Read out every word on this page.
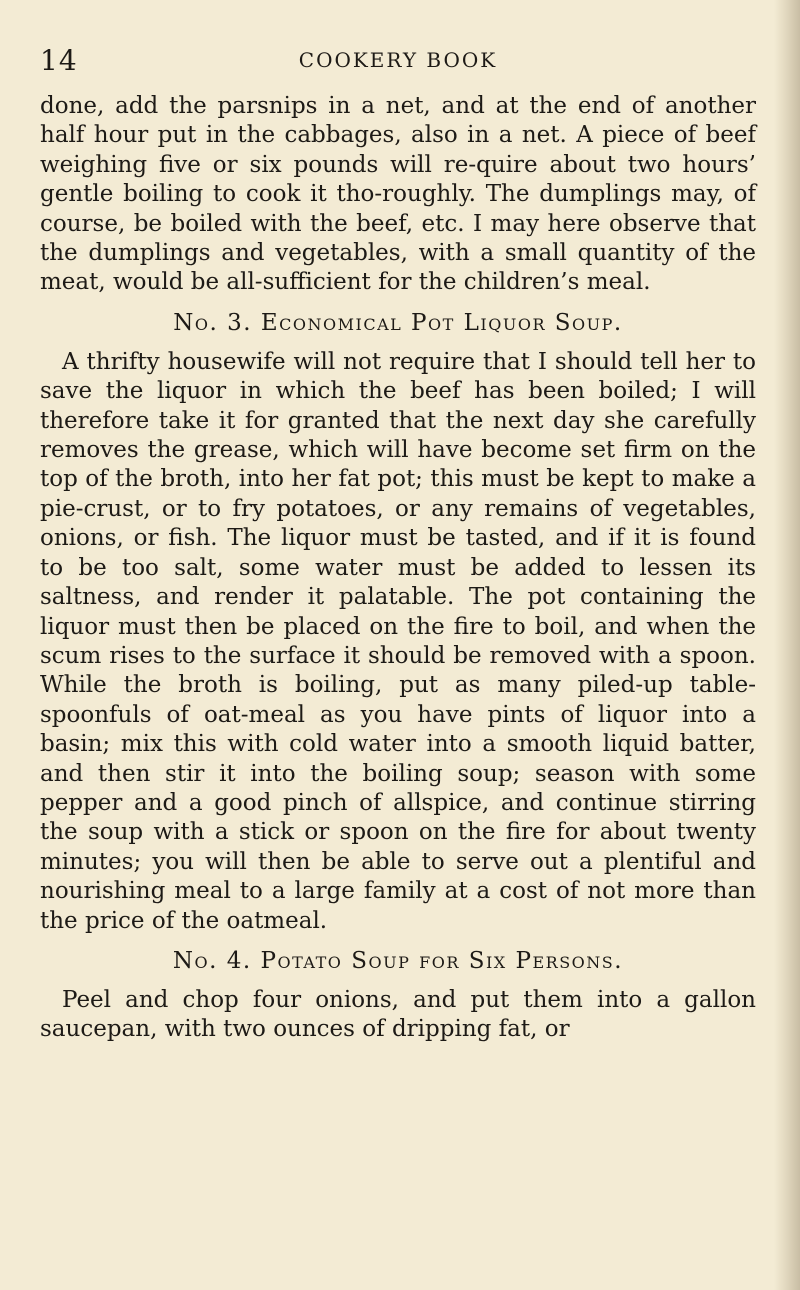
14	COOKERY BOOK

done, add the parsnips in a net, and at the end of another half hour put in the cabbages, also in a net. A piece of beef weighing five or six pounds will re-quire about two hours’ gentle boiling to cook it tho-roughly. The dumplings may, of course, be boiled with the beef, etc. I may here observe that the dumplings and vegetables, with a small quantity of the meat, would be all-sufficient for the children’s meal.

No. 3. Economical Pot Liquor Soup.

A thrifty housewife will not require that I should tell her to save the liquor in which the beef has been boiled; I will therefore take it for granted that the next day she carefully removes the grease, which will have become set firm on the top of the broth, into her fat pot; this must be kept to make a pie-crust, or to fry potatoes, or any remains of vegetables, onions, or fish. The liquor must be tasted, and if it is found to be too salt, some water must be added to lessen its saltness, and render it palatable. The pot containing the liquor must then be placed on the fire to boil, and when the scum rises to the surface it should be removed with a spoon. While the broth is boiling, put as many piled-up table-spoonfuls of oat-meal as you have pints of liquor into a basin; mix this with cold water into a smooth liquid batter, and then stir it into the boiling soup; season with some pepper and a good pinch of allspice, and continue stirring the soup with a stick or spoon on the fire for about twenty minutes; you will then be able to serve out a plentiful and nourishing meal to a large family at a cost of not more than the price of the oatmeal.

No. 4. Potato Soup for Six Persons.

Peel and chop four onions, and put them into a gallon saucepan, with two ounces of dripping fat, or
